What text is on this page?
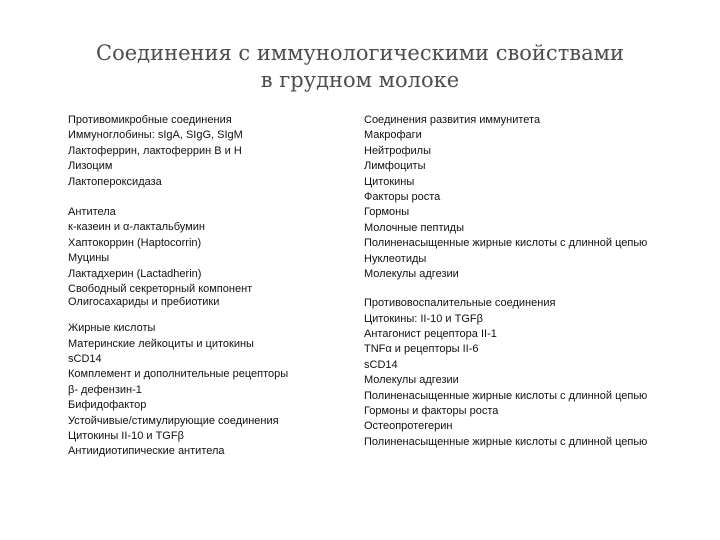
Соединения с иммунологическими свойствами
в грудном молоке
Противомикробные соединения
Иммуноглобины: sIgA, SIgG, SIgM
Лактоферрин, лактоферрин В и Н
Лизоцим
Лактопероксидаза
Антитела
к-казеин и α-лактальбумин
Хаптокоррин (Haptocorrin)
Муцины
Лактадхерин (Lactadherin)
Свободный секреторный компонент
Олигосахариды и пребиотики
Жирные кислоты
Материнские лейкоциты и цитокины
sCD14
Комплемент и дополнительные рецепторы
β- дефензин-1
Бифидофактор
Устойчивые/стимулирующие соединения
Цитокины II-10 и TGFβ
Антиидиотипические антитела
Соединения развития иммунитета
Макрофаги
Нейтрофилы
Лимфоциты
Цитокины
Факторы роста
Гормоны
Молочные пептиды
Полиненасыщенные жирные кислоты с длинной цепью
Нуклеотиды
Молекулы адгезии
Противовоспалительные соединения
Цитокины: II-10 и TGFβ
Антагонист рецептора II-1
TNFα и рецепторы II-6
sCD14
Молекулы адгезии
Полиненасыщенные жирные кислоты с длинной цепью
Гормоны и факторы роста
Остеопротегерин
Полиненасыщенные жирные кислоты с длинной цепью
